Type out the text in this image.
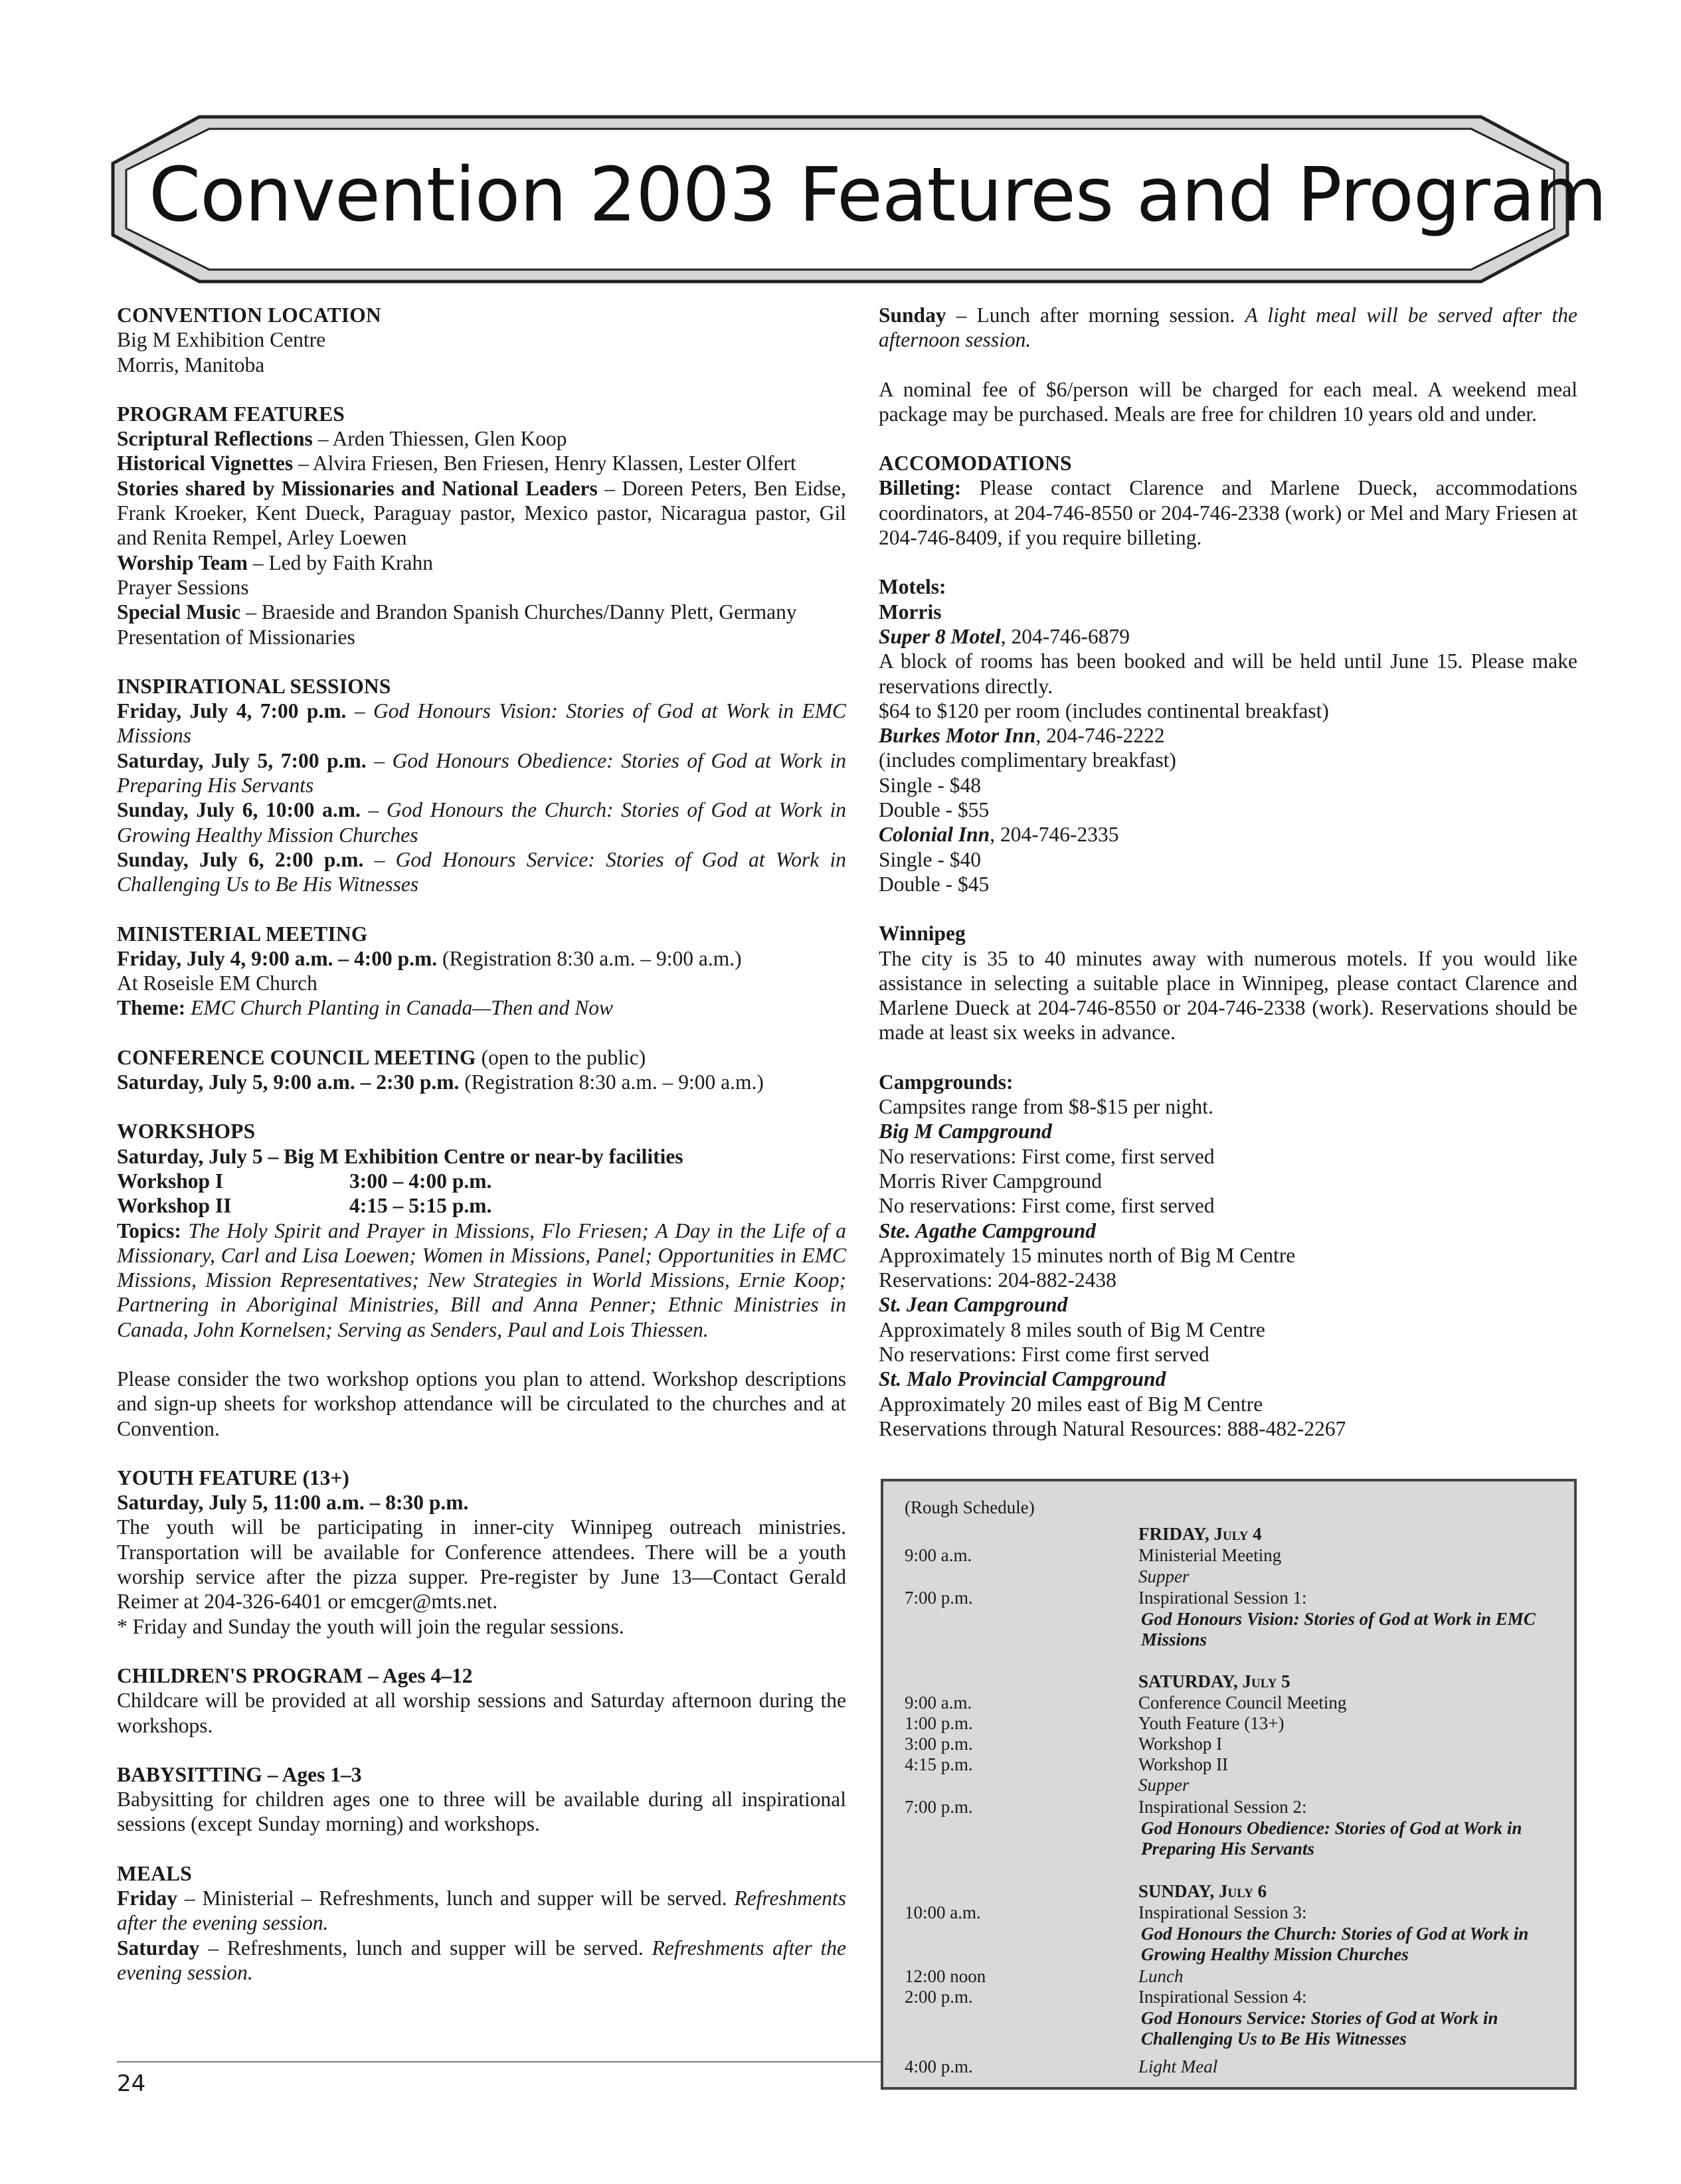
Convention 2003 Features and Program

CONVENTION LOCATION

Big M Exhibition Centre

Morris, Manitoba

PROGRAM FEATURES

Scriptural Reflections – Arden Thiessen, Glen Koop

Historical Vignettes – Alvira Friesen, Ben Friesen, Henry Klassen, Lester Olfert

Stories shared by Missionaries and National Leaders – Doreen Peters, Ben Eidse, Frank Kroeker, Kent Dueck, Paraguay pastor, Mexico pastor, Nicaragua pastor, Gil and Renita Rempel, Arley Loewen

Worship Team – Led by Faith Krahn

Prayer Sessions

Special Music – Braeside and Brandon Spanish Churches/Danny Plett, Germany

Presentation of Missionaries

INSPIRATIONAL SESSIONS

Friday, July 4, 7:00 p.m. – God Honours Vision: Stories of God at Work in EMC Missions

Saturday, July 5, 7:00 p.m. – God Honours Obedience: Stories of God at Work in Preparing His Servants

Sunday, July 6, 10:00 a.m. – God Honours the Church: Stories of God at Work in Growing Healthy Mission Churches

Sunday, July 6, 2:00 p.m. – God Honours Service: Stories of God at Work in Challenging Us to Be His Witnesses

MINISTERIAL MEETING

Friday, July 4, 9:00 a.m. – 4:00 p.m. (Registration 8:30 a.m. – 9:00 a.m.)

At Roseisle EM Church

Theme: EMC Church Planting in Canada—Then and Now

CONFERENCE COUNCIL MEETING (open to the public)

Saturday, July 5, 9:00 a.m. – 2:30 p.m. (Registration 8:30 a.m. – 9:00 a.m.)

WORKSHOPS

Saturday, July 5 – Big M Exhibition Centre or near-by facilities

Workshop I	3:00 – 4:00 p.m.
Workshop II	4:15 – 5:15 p.m.

Topics: The Holy Spirit and Prayer in Missions, Flo Friesen; A Day in the Life of a Missionary, Carl and Lisa Loewen; Women in Missions, Panel; Opportunities in EMC Missions, Mission Representatives; New Strategies in World Missions, Ernie Koop; Partnering in Aboriginal Ministries, Bill and Anna Penner; Ethnic Ministries in Canada, John Kornelsen; Serving as Senders, Paul and Lois Thiessen.

Please consider the two workshop options you plan to attend. Workshop descriptions and sign-up sheets for workshop attendance will be circulated to the churches and at Convention.

YOUTH FEATURE (13+)

Saturday, July 5, 11:00 a.m. – 8:30 p.m.

The youth will be participating in inner-city Winnipeg outreach ministries. Transportation will be available for Conference attendees. There will be a youth worship service after the pizza supper. Pre-register by June 13—Contact Gerald Reimer at 204-326-6401 or emcger@mts.net.

* Friday and Sunday the youth will join the regular sessions.

CHILDREN'S PROGRAM – Ages 4–12

Childcare will be provided at all worship sessions and Saturday afternoon during the workshops.

BABYSITTING – Ages 1–3

Babysitting for children ages one to three will be available during all inspirational sessions (except Sunday morning) and workshops.

MEALS

Friday – Ministerial – Refreshments, lunch and supper will be served. Refreshments after the evening session.

Saturday – Refreshments, lunch and supper will be served. Refreshments after the evening session.

Sunday – Lunch after morning session. A light meal will be served after the afternoon session.

A nominal fee of $6/person will be charged for each meal. A weekend meal package may be purchased. Meals are free for children 10 years old and under.

ACCOMODATIONS

Billeting: Please contact Clarence and Marlene Dueck, accommodations coordinators, at 204-746-8550 or 204-746-2338 (work) or Mel and Mary Friesen at 204-746-8409, if you require billeting.

Motels:

Morris

Super 8 Motel, 204-746-6879

A block of rooms has been booked and will be held until June 15. Please make reservations directly.

$64 to $120 per room (includes continental breakfast)

Burkes Motor Inn, 204-746-2222

(includes complimentary breakfast)

Single - $48

Double - $55

Colonial Inn, 204-746-2335

Single - $40

Double - $45

Winnipeg

The city is 35 to 40 minutes away with numerous motels. If you would like assistance in selecting a suitable place in Winnipeg, please contact Clarence and Marlene Dueck at 204-746-8550 or 204-746-2338 (work). Reservations should be made at least six weeks in advance.

Campgrounds:

Campsites range from $8-$15 per night.

Big M Campground

No reservations: First come, first served

Morris River Campground

No reservations: First come, first served

Ste. Agathe Campground

Approximately 15 minutes north of Big M Centre

Reservations: 204-882-2438

St. Jean Campground

Approximately 8 miles south of Big M Centre

No reservations: First come first served

St. Malo Provincial Campground

Approximately 20 miles east of Big M Centre

Reservations through Natural Resources: 888-482-2267

(Rough Schedule)
FRIDAY, July 4
9:00 a.m.	Ministerial Meeting
Supper
7:00 p.m.	Inspirational Session 1:

God Honours Vision: Stories of God at Work in EMC Missions
SATURDAY, July 5
9:00 a.m.	Conference Council Meeting
1:00 p.m.	Youth Feature (13+)
3:00 p.m.	Workshop I
4:15 p.m.	Workshop II
Supper
7:00 p.m.	Inspirational Session 2:

God Honours Obedience: Stories of God at Work in Preparing His Servants
SUNDAY, July 6
10:00 a.m.	Inspirational Session 3:

God Honours the Church: Stories of God at Work in Growing Healthy Mission Churches
12:00 noon	Lunch
2:00 p.m.	Inspirational Session 4:

God Honours Service: Stories of God at Work in Challenging Us to Be His Witnesses
4:00 p.m.	Light Meal
24
